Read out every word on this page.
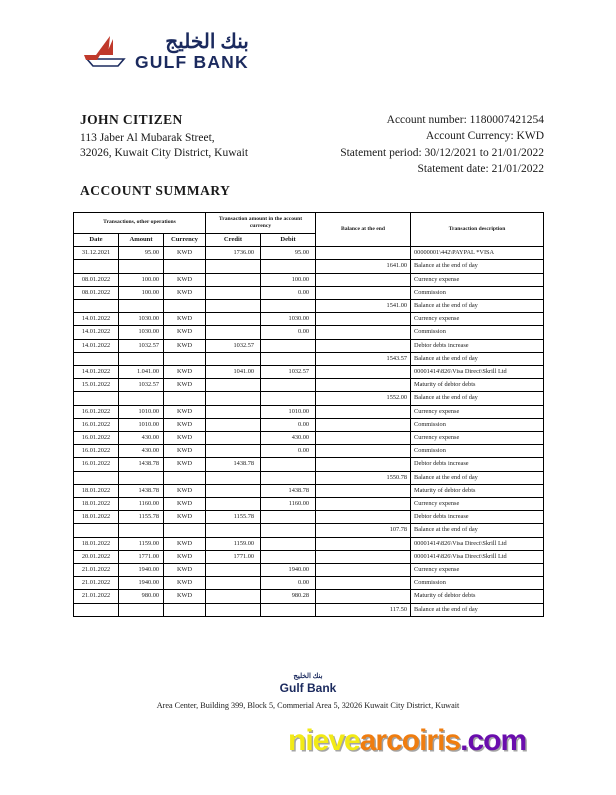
بنك الخليج
GULF BANK
JOHN CITIZEN
113 Jaber Al Mubarak Street,
32026, Kuwait City District, Kuwait
Account number: 1180007421254
Account Currency: KWD
Statement period: 30/12/2021 to 21/01/2022
Statement date: 21/01/2022
ACCOUNT SUMMARY
Transactions, other operations			Transaction amount in the account currency		Balance at the end	Transaction description
Date	Amount	Currency	Credit	Debit		
31.12.2021	95.00	KWD	1736.00	95.00		00000001\442\PAYPAL *VISA
					1641.00	Balance at the end of day
08.01.2022	100.00	KWD		100.00		Currency expense
08.01.2022	100.00	KWD		0.00		Commission
					1541.00	Balance at the end of day
14.01.2022	1030.00	KWD		1030.00		Currency expense
14.01.2022	1030.00	KWD		0.00		Commission
14.01.2022	1032.57	KWD	1032.57			Debtor debts increase
					1543.57	Balance at the end of day
14.01.2022	1.041.00	KWD	1041.00	1032.57		00001414\826\Visa Direct\Skrill Ltd
15.01.2022	1032.57	KWD				Maturity of debtor debts
					1552.00	Balance at the end of day
16.01.2022	1010.00	KWD		1010.00		Currency expense
16.01.2022	1010.00	KWD		0.00		Commission
16.01.2022	430.00	KWD		430.00		Currency expense
16.01.2022	430.00	KWD		0.00		Commission
16.01.2022	1438.78	KWD	1438.78			Debtor debts increase
					1550.78	Balance at the end of day
18.01.2022	1438.78	KWD		1438.78		Maturity of debtor debts
18.01.2022	1160.00	KWD		1160.00		Currency expense
18.01.2022	1155.78	KWD	1155.78			Debtor debts increase
					107.78	Balance at the end of day
18.01.2022	1159.00	KWD	1159.00			00001414\826\Visa Direct\Skrill Ltd
20.01.2022	1771.00	KWD	1771.00			00001414\826\Visa Direct\Skrill Ltd
21.01.2022	1940.00	KWD		1940.00		Currency expense
21.01.2022	1940.00	KWD		0.00		Commission
21.01.2022	980.00	KWD		980.28		Maturity of debtor debts
					117.50	Balance at the end of day
بنك الخليج
Gulf Bank
Area Center, Building 399, Block 5, Commerial Area 5, 32026 Kuwait City District, Kuwait
nievearcoiris.com
